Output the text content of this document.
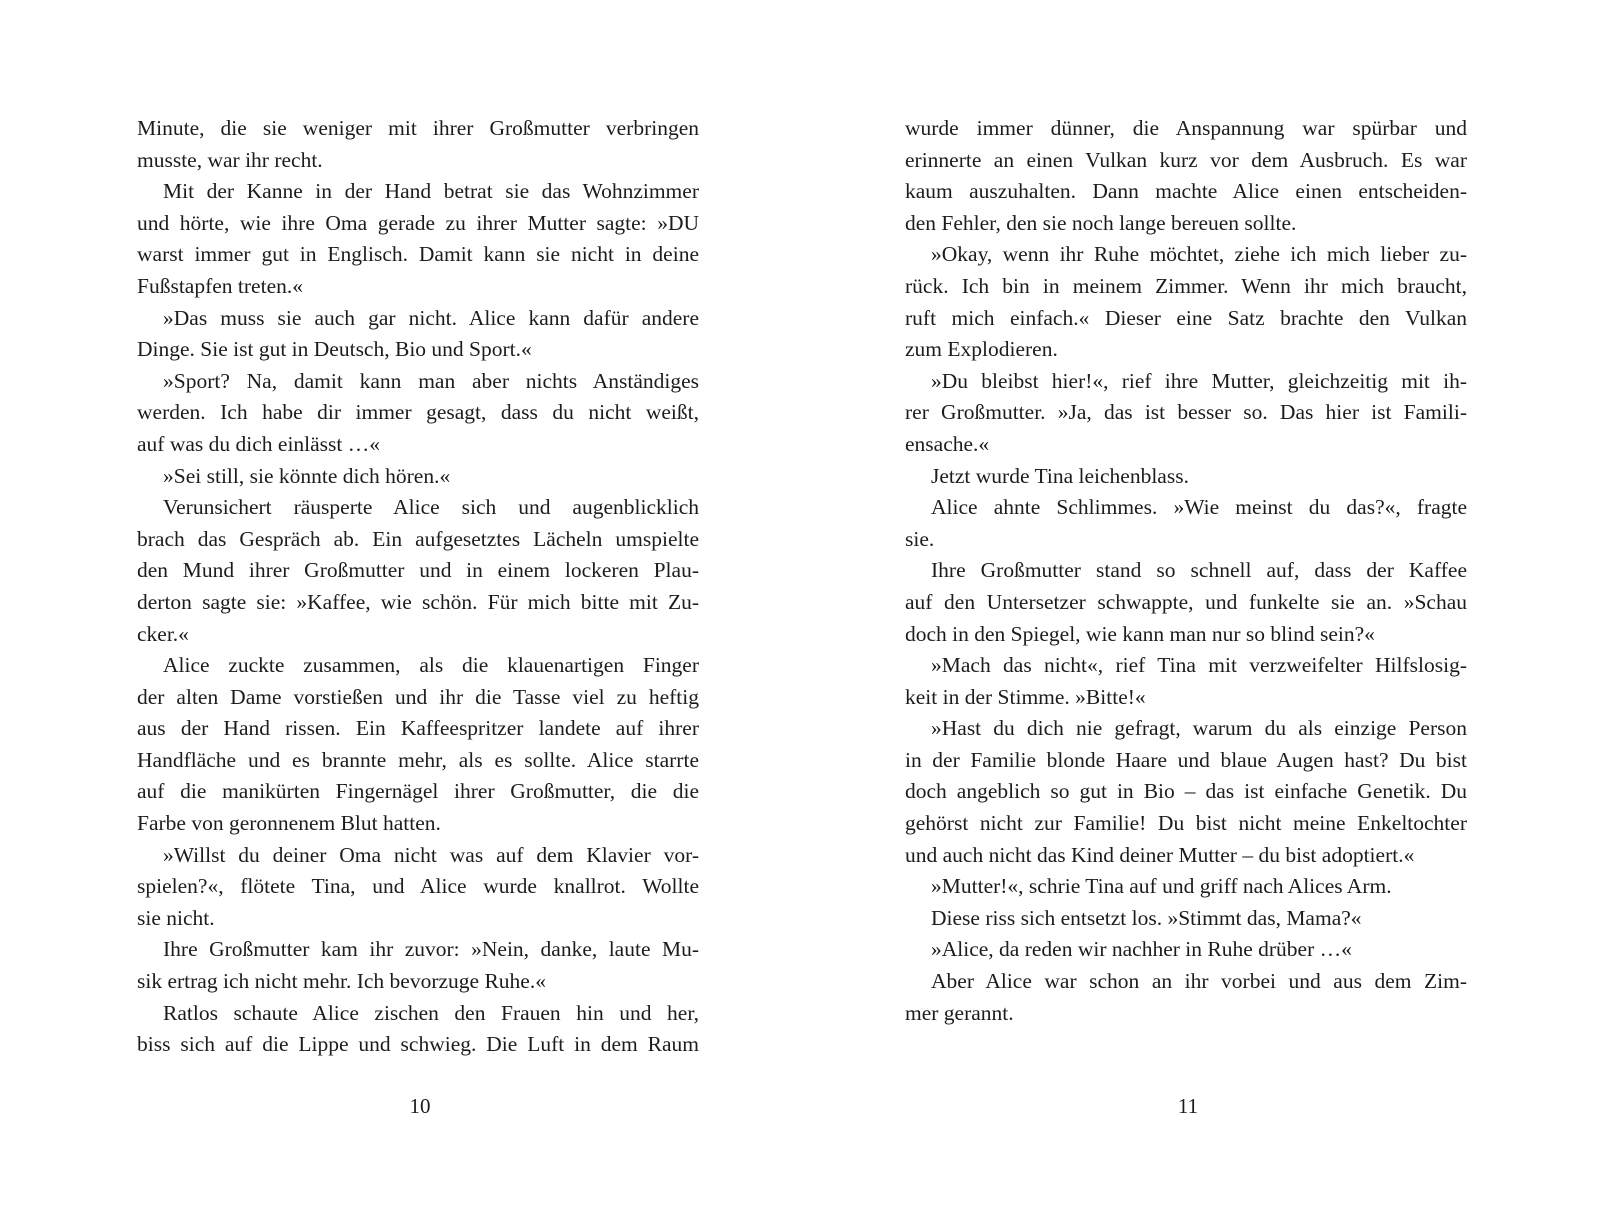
Minute, die sie weniger mit ihrer Großmutter verbringen
musste, war ihr recht.
Mit der Kanne in der Hand betrat sie das Wohnzimmer
und hörte, wie ihre Oma gerade zu ihrer Mutter sagte: »DU
warst immer gut in Englisch. Damit kann sie nicht in deine
Fußstapfen treten.«
»Das muss sie auch gar nicht. Alice kann dafür andere
Dinge. Sie ist gut in Deutsch, Bio und Sport.«
»Sport? Na, damit kann man aber nichts Anständiges
werden. Ich habe dir immer gesagt, dass du nicht weißt,
auf was du dich einlässt …«
»Sei still, sie könnte dich hören.«
Verunsichert räusperte Alice sich und augenblicklich
brach das Gespräch ab. Ein aufgesetztes Lächeln umspielte
den Mund ihrer Großmutter und in einem lockeren Plau-
derton sagte sie: »Kaffee, wie schön. Für mich bitte mit Zu-
cker.«
Alice zuckte zusammen, als die klauenartigen Finger
der alten Dame vorstießen und ihr die Tasse viel zu heftig
aus der Hand rissen. Ein Kaffeespritzer landete auf ihrer
Handfläche und es brannte mehr, als es sollte. Alice starrte
auf die manikürten Fingernägel ihrer Großmutter, die die
Farbe von geronnenem Blut hatten.
»Willst du deiner Oma nicht was auf dem Klavier vor-
spielen?«, flötete Tina, und Alice wurde knallrot. Wollte
sie nicht.
Ihre Großmutter kam ihr zuvor: »Nein, danke, laute Mu-
sik ertrag ich nicht mehr. Ich bevorzuge Ruhe.«
Ratlos schaute Alice zischen den Frauen hin und her,
biss sich auf die Lippe und schwieg. Die Luft in dem Raum
10
wurde immer dünner, die Anspannung war spürbar und
erinnerte an einen Vulkan kurz vor dem Ausbruch. Es war
kaum auszuhalten. Dann machte Alice einen entscheiden-
den Fehler, den sie noch lange bereuen sollte.
»Okay, wenn ihr Ruhe möchtet, ziehe ich mich lieber zu-
rück. Ich bin in meinem Zimmer. Wenn ihr mich braucht,
ruft mich einfach.« Dieser eine Satz brachte den Vulkan
zum Explodieren.
»Du bleibst hier!«, rief ihre Mutter, gleichzeitig mit ih-
rer Großmutter. »Ja, das ist besser so. Das hier ist Famili-
ensache.«
Jetzt wurde Tina leichenblass.
Alice ahnte Schlimmes. »Wie meinst du das?«, fragte
sie.
Ihre Großmutter stand so schnell auf, dass der Kaffee
auf den Untersetzer schwappte, und funkelte sie an. »Schau
doch in den Spiegel, wie kann man nur so blind sein?«
»Mach das nicht«, rief Tina mit verzweifelter Hilfslosig-
keit in der Stimme. »Bitte!«
»Hast du dich nie gefragt, warum du als einzige Person
in der Familie blonde Haare und blaue Augen hast? Du bist
doch angeblich so gut in Bio – das ist einfache Genetik. Du
gehörst nicht zur Familie! Du bist nicht meine Enkeltochter
und auch nicht das Kind deiner Mutter – du bist adoptiert.«
»Mutter!«, schrie Tina auf und griff nach Alices Arm.
Diese riss sich entsetzt los. »Stimmt das, Mama?«
»Alice, da reden wir nachher in Ruhe drüber …«
Aber Alice war schon an ihr vorbei und aus dem Zim-
mer gerannt.
11
